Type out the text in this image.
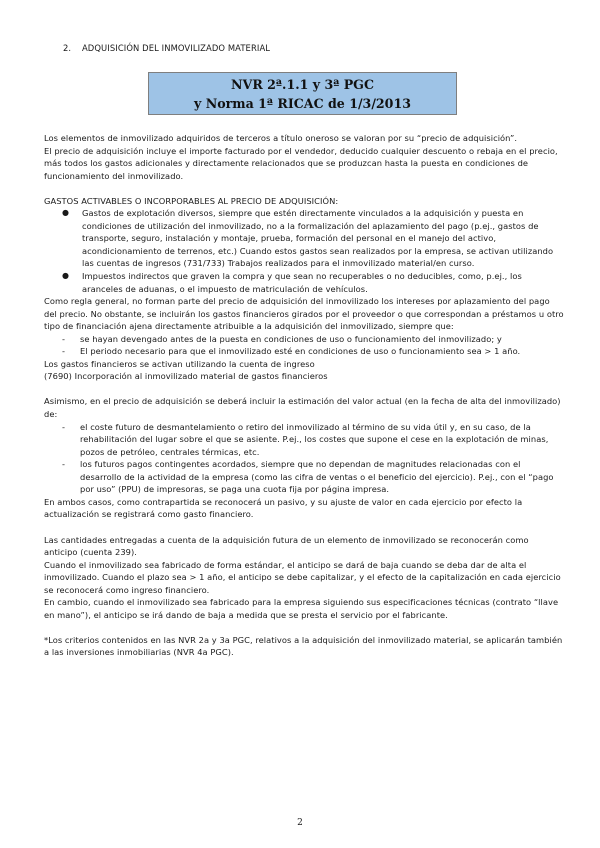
2. ADQUISICIÓN DEL INMOVILIZADO MATERIAL
NVR 2ª.1.1 y 3ª PGC
y Norma 1ª RICAC de 1/3/2013

Los elementos de inmovilizado adquiridos de terceros a título oneroso se valoran por su “precio de adquisición”.

El precio de adquisición incluye el importe facturado por el vendedor, deducido cualquier descuento o rebaja en el precio, más todos los gastos adicionales y directamente relacionados que se produzcan hasta la puesta en condiciones de funcionamiento del inmovilizado.

GASTOS ACTIVABLES O INCORPORABLES AL PRECIO DE ADQUISICIÓN:

● Gastos de explotación diversos, siempre que estén directamente vinculados a la adquisición y puesta en condiciones de utilización del inmovilizado, no a la formalización del aplazamiento del pago (p.ej., gastos de transporte, seguro, instalación y montaje, prueba, formación del personal en el manejo del activo, acondicionamiento de terrenos, etc.) Cuando estos gastos sean realizados por la empresa, se activan utilizando las cuentas de ingresos (731/733) Trabajos realizados para el inmovilizado material/en curso.
● Impuestos indirectos que graven la compra y que sean no recuperables o no deducibles, como, p.ej., los aranceles de aduanas, o el impuesto de matriculación de vehículos.

Como regla general, no forman parte del precio de adquisición del inmovilizado los intereses por aplazamiento del pago del precio. No obstante, se incluirán los gastos financieros girados por el proveedor o que correspondan a préstamos u otro tipo de financiación ajena directamente atribuible a la adquisición del inmovilizado, siempre que:

- se hayan devengado antes de la puesta en condiciones de uso o funcionamiento del inmovilizado; y
- El periodo necesario para que el inmovilizado esté en condiciones de uso o funcionamiento sea > 1 año.

Los gastos financieros se activan utilizando la cuenta de ingreso

(7690) Incorporación al inmovilizado material de gastos financieros

Asimismo, en el precio de adquisición se deberá incluir la estimación del valor actual (en la fecha de alta del inmovilizado) de:

- el coste futuro de desmantelamiento o retiro del inmovilizado al término de su vida útil y, en su caso, de la rehabilitación del lugar sobre el que se asiente. P.ej., los costes que supone el cese en la explotación de minas, pozos de petróleo, centrales térmicas, etc.
- los futuros pagos contingentes acordados, siempre que no dependan de magnitudes relacionadas con el desarrollo de la actividad de la empresa (como las cifra de ventas o el beneficio del ejercicio). P.ej., con el “pago por uso” (PPU) de impresoras, se paga una cuota fija por página impresa.

En ambos casos, como contrapartida se reconocerá un pasivo, y su ajuste de valor en cada ejercicio por efecto la actualización se registrará como gasto financiero.

Las cantidades entregadas a cuenta de la adquisición futura de un elemento de inmovilizado se reconocerán como anticipo (cuenta 239).

Cuando el inmovilizado sea fabricado de forma estándar, el anticipo se dará de baja cuando se deba dar de alta el inmovilizado. Cuando el plazo sea > 1 año, el anticipo se debe capitalizar, y el efecto de la capitalización en cada ejercicio se reconocerá como ingreso financiero.

En cambio, cuando el inmovilizado sea fabricado para la empresa siguiendo sus especificaciones técnicas (contrato “llave en mano”), el anticipo se irá dando de baja a medida que se presta el servicio por el fabricante.

*Los criterios contenidos en las NVR 2a y 3a PGC, relativos a la adquisición del inmovilizado material, se aplicarán también a las inversiones inmobiliarias (NVR 4a PGC).

2
